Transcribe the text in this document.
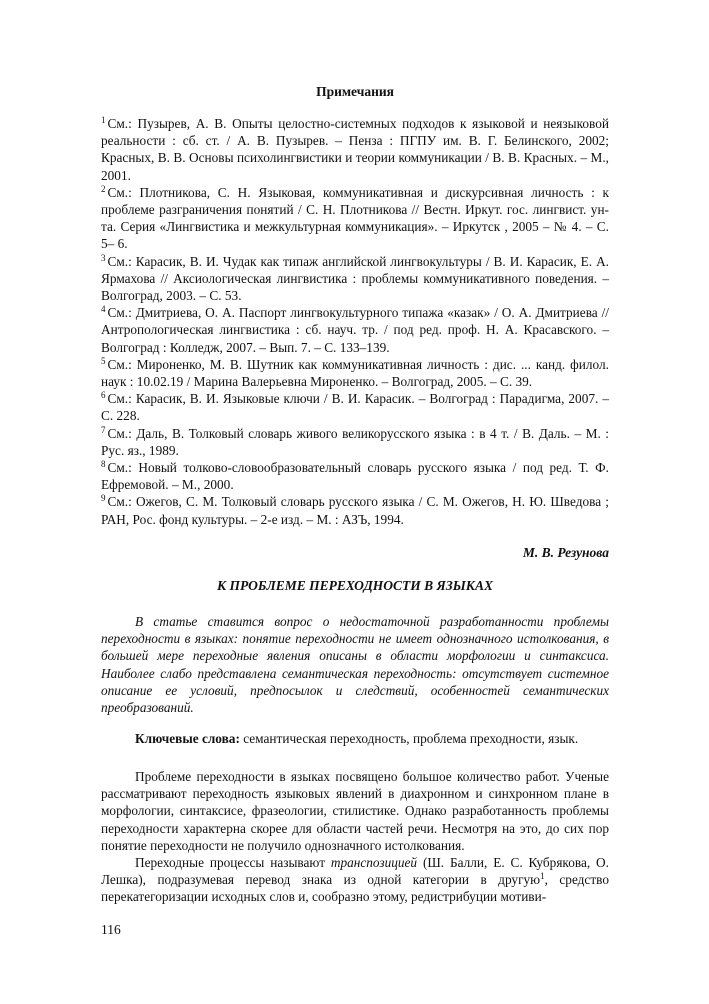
Примечания

$^1$ См.: Пузырев, А. В. Опыты целостно-системных подходов к языковой и неязыковой реальности : сб. ст. / А. В. Пузырев. – Пенза : ПГПУ им. В. Г. Белинского, 2002; Красных, В. В. Основы психолингвистики и теории коммуникации / В. В. Красных. – М., 2001.

$^2$ См.: Плотникова, С. Н. Языковая, коммуникативная и дискурсивная личность : к проблеме разграничения понятий / С. Н. Плотникова // Вестн. Иркут. гос. лингвист. ун-та. Серия «Лингвистика и межкультурная коммуникация». – Иркутск , 2005 – № 4. – С. 5– 6.

$^3$ См.: Карасик, В. И. Чудак как типаж английской лингвокультуры / В. И. Карасик, Е. А. Ярмахова // Аксиологическая лингвистика : проблемы коммуникативного поведения. – Волгоград, 2003. – С. 53.

$^4$ См.: Дмитриева, О. А. Паспорт лингвокультурного типажа «казак» / О. А. Дмитриева // Антропологическая лингвистика : сб. науч. тр. / под ред. проф. Н. А. Красавского. – Волгоград : Колледж, 2007. – Вып. 7. – С. 133–139.

$^5$ См.: Мироненко, М. В. Шутник как коммуникативная личность : дис. ... канд. филол. наук : 10.02.19 / Марина Валерьевна Мироненко. – Волгоград, 2005. – С. 39.

$^6$ См.: Карасик, В. И. Языковые ключи / В. И. Карасик. – Волгоград : Парадигма, 2007. – С. 228.

$^7$ См.: Даль, В. Толковый словарь живого великорусского языка : в 4 т. / В. Даль. – М. : Рус. яз., 1989.

$^8$ См.: Новый толково-словообразовательный словарь русского языка / под ред. Т. Ф. Ефремовой. – М., 2000.

$^9$ См.: Ожегов, С. М. Толковый словарь русского языка / С. М. Ожегов, Н. Ю. Шведова ; РАН, Рос. фонд культуры. – 2-е изд. – М. : АЗЪ, 1994.

М. В. Резунова
К ПРОБЛЕМЕ ПЕРЕХОДНОСТИ В ЯЗЫКАХ

В статье ставится вопрос о недостаточной разработанности проблемы переходности в языках: понятие переходности не имеет однозначного истолкования, в большей мере переходные явления описаны в области морфологии и синтаксиса. Наиболее слабо представлена семантическая переходность: отсутствует системное описание ее условий, предпосылок и следствий, особенностей семантических преобразований.

Ключевые слова: семантическая переходность, проблема преходности, язык.

Проблеме переходности в языках посвящено большое количество работ. Ученые рассматривают переходность языковых явлений в диахронном и синхронном плане в морфологии, синтаксисе, фразеологии, стилистике. Однако разработанность проблемы переходности характерна скорее для области частей речи. Несмотря на это, до сих пор понятие переходности не получило однозначного истолкования.

Переходные процессы называют транспозицией (Ш. Балли, Е. С. Кубрякова, О. Лешка), подразумевая перевод знака из одной категории в другую$^1$, средство перекатегоризации исходных слов и, сообразно этому, редистрибуции мотиви-

116
